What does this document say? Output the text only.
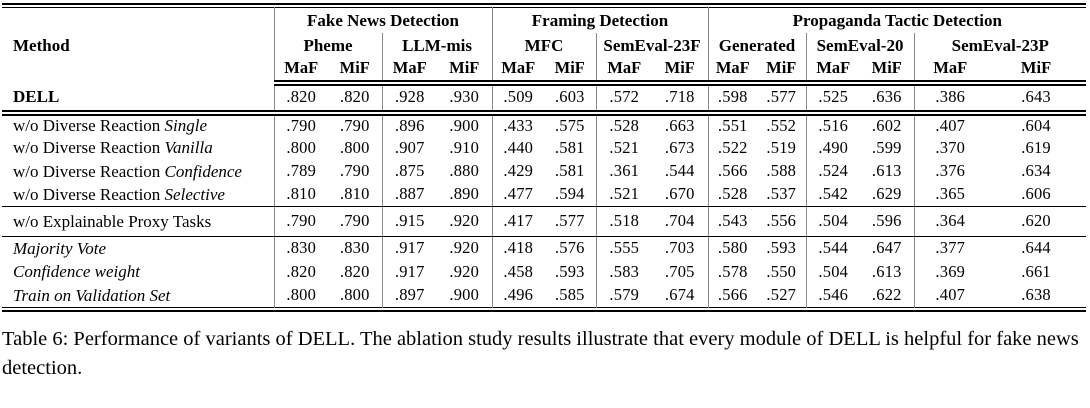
Method	Fake News Detection				Framing Detection				Propaganda Tactic Detection					
	Pheme		LLM-mis		MFC		SemEval-23F		Generated		SemEval-20		SemEval-23P	
	MaF	MiF	MaF	MiF	MaF	MiF	MaF	MiF	MaF	MiF	MaF	MiF	MaF	MiF
DELL	.820	.820	.928	.930	.509	.603	.572	.718	.598	.577	.525	.636	.386	.643
w/o Diverse Reaction Single	.790	.790	.896	.900	.433	.575	.528	.663	.551	.552	.516	.602	.407	.604
w/o Diverse Reaction Vanilla	.800	.800	.907	.910	.440	.581	.521	.673	.522	.519	.490	.599	.370	.619
w/o Diverse Reaction Confidence	.789	.790	.875	.880	.429	.581	.361	.544	.566	.588	.524	.613	.376	.634
w/o Diverse Reaction Selective	.810	.810	.887	.890	.477	.594	.521	.670	.528	.537	.542	.629	.365	.606
w/o Explainable Proxy Tasks	.790	.790	.915	.920	.417	.577	.518	.704	.543	.556	.504	.596	.364	.620
Majority Vote	.830	.830	.917	.920	.418	.576	.555	.703	.580	.593	.544	.647	.377	.644
Confidence weight	.820	.820	.917	.920	.458	.593	.583	.705	.578	.550	.504	.613	.369	.661
Train on Validation Set	.800	.800	.897	.900	.496	.585	.579	.674	.566	.527	.546	.622	.407	.638
Table 6: Performance of variants of DELL. The ablation study results illustrate that every module of DELL is helpful for fake news detection.
